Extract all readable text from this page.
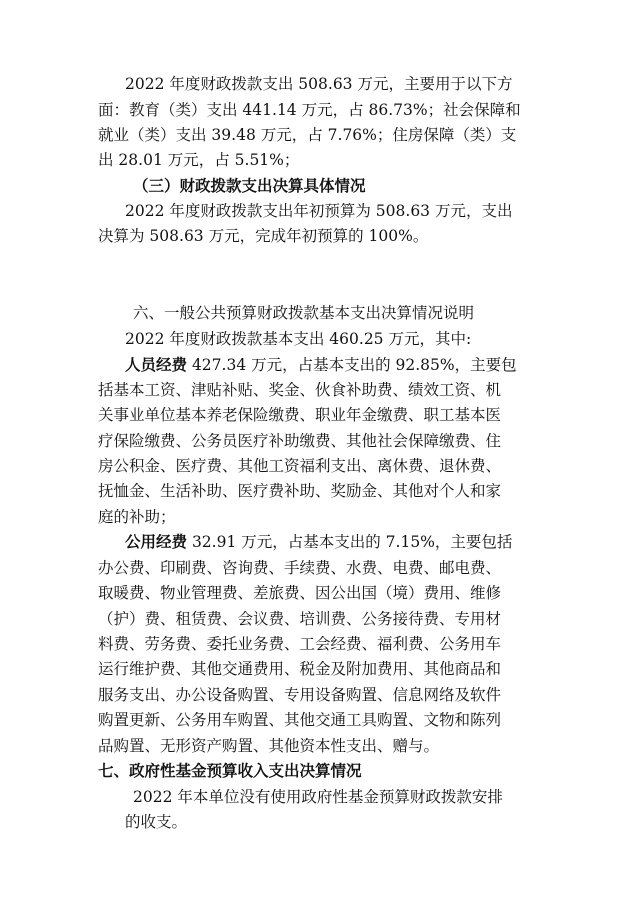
2022 年度财政拨款支出 508.63 万元，主要用于以下方
面：教育（类）支出 441.14 万元，占 86.73%；社会保障和
就业（类）支出 39.48 万元，占 7.76%；住房保障（类）支
出 28.01 万元，占 5.51%；
（三）财政拨款支出决算具体情况
2022 年度财政拨款支出年初预算为 508.63 万元，支出
决算为 508.63 万元，完成年初预算的 100%。
六、一般公共预算财政拨款基本支出决算情况说明
2022 年度财政拨款基本支出 460.25 万元，其中:
人员经费 427.34 万元，占基本支出的 92.85%，主要包
括基本工资、津贴补贴、奖金、伙食补助费、绩效工资、机
关事业单位基本养老保险缴费、职业年金缴费、职工基本医
疗保险缴费、公务员医疗补助缴费、其他社会保障缴费、住
房公积金、医疗费、其他工资福利支出、离休费、退休费、
抚恤金、生活补助、医疗费补助、奖励金、其他对个人和家
庭的补助；
公用经费 32.91 万元，占基本支出的 7.15%，主要包括
办公费、印刷费、咨询费、手续费、水费、电费、邮电费、
取暖费、物业管理费、差旅费、因公出国（境）费用、维修
（护）费、租赁费、会议费、培训费、公务接待费、专用材
料费、劳务费、委托业务费、工会经费、福利费、公务用车
运行维护费、其他交通费用、税金及附加费用、其他商品和
服务支出、办公设备购置、专用设备购置、信息网络及软件
购置更新、公务用车购置、其他交通工具购置、文物和陈列
品购置、无形资产购置、其他资本性支出、赠与。
七、政府性基金预算收入支出决算情况
2022 年本单位没有使用政府性基金预算财政拨款安排
的收支。
